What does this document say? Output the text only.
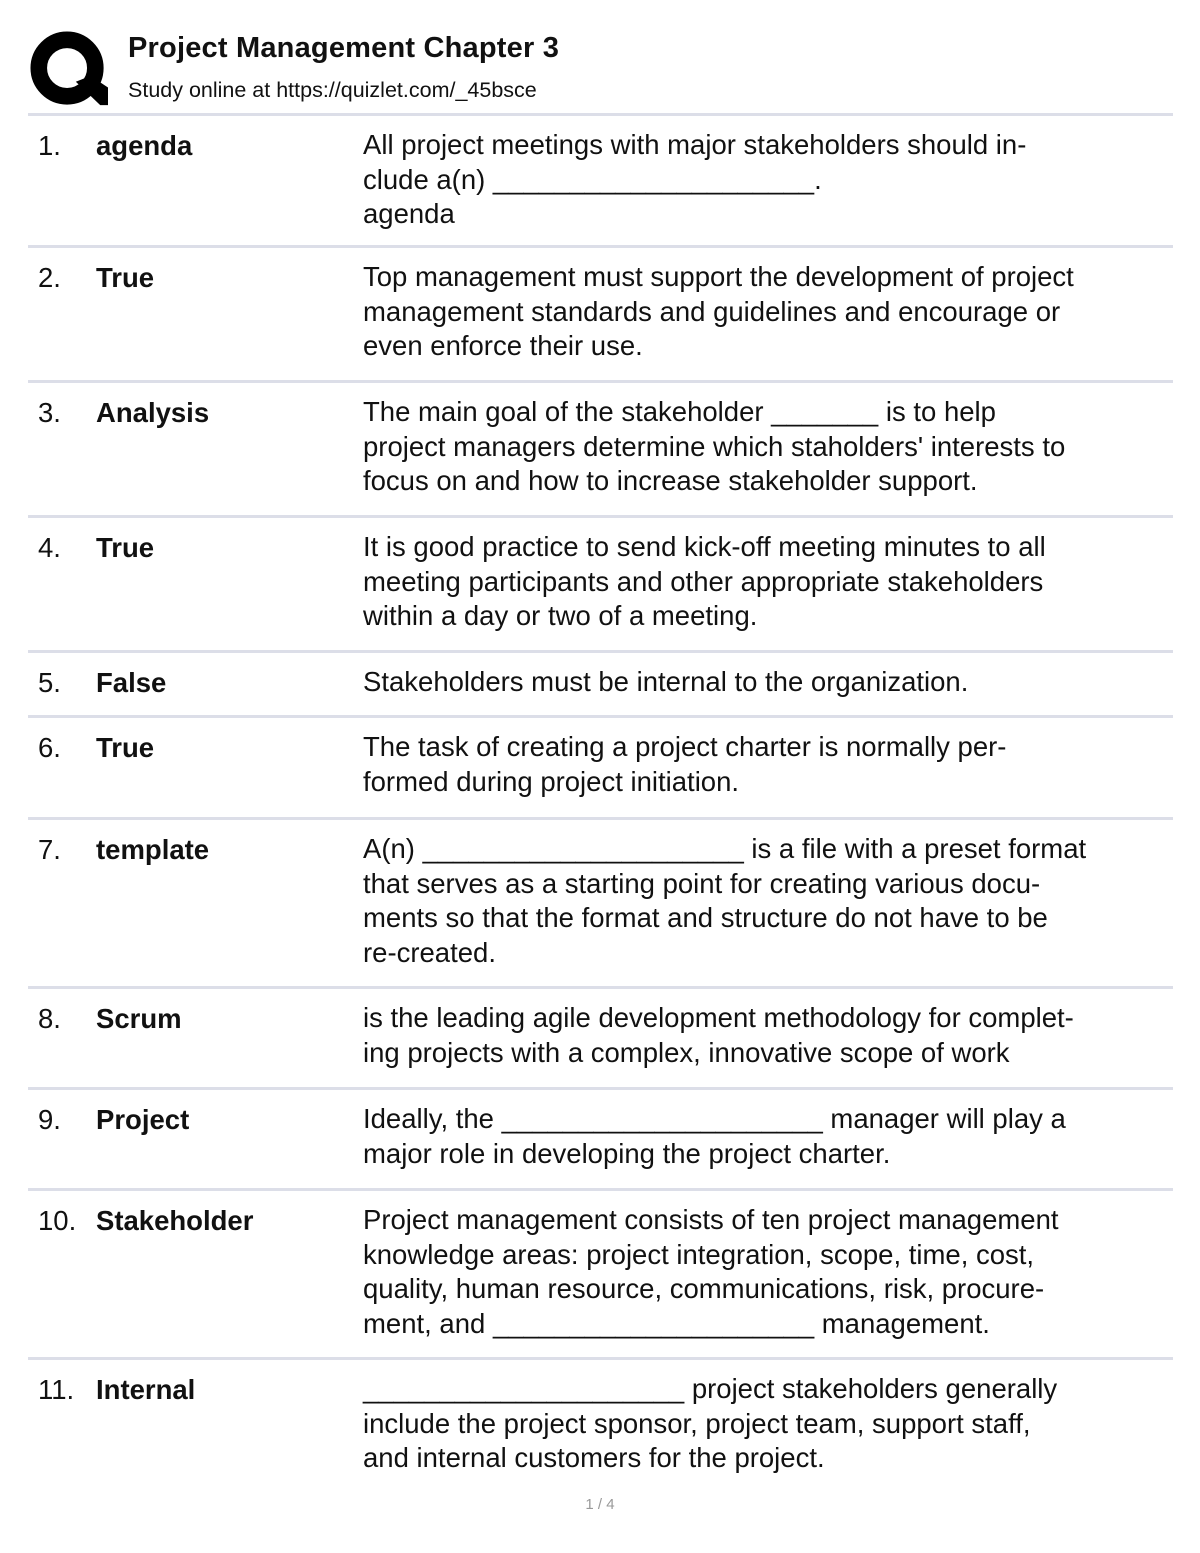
Project Management Chapter 3
Study online at https://quizlet.com/_45bsce
1. agenda	All project meetings with major stakeholders should in-
clude a(n) _____________________.
agenda
2. True	Top management must support the development of project
management standards and guidelines and encourage or
even enforce their use.
3. Analysis	The main goal of the stakeholder _______ is to help
project managers determine which staholders' interests to
focus on and how to increase stakeholder support.
4. True	It is good practice to send kick-off meeting minutes to all
meeting participants and other appropriate stakeholders
within a day or two of a meeting.
5. False	Stakeholders must be internal to the organization.
6. True	The task of creating a project charter is normally per-
formed during project initiation.
7. template	A(n) _____________________ is a file with a preset format
that serves as a starting point for creating various docu-
ments so that the format and structure do not have to be
re-created.
8. Scrum	is the leading agile development methodology for complet-
ing projects with a complex, innovative scope of work
9. Project	Ideally, the _____________________ manager will play a
major role in developing the project charter.
10. Stakeholder	Project management consists of ten project management
knowledge areas: project integration, scope, time, cost,
quality, human resource, communications, risk, procure-
ment, and _____________________ management.
11. Internal	_____________________ project stakeholders generally
include the project sponsor, project team, support staff,
and internal customers for the project.
1 / 4
